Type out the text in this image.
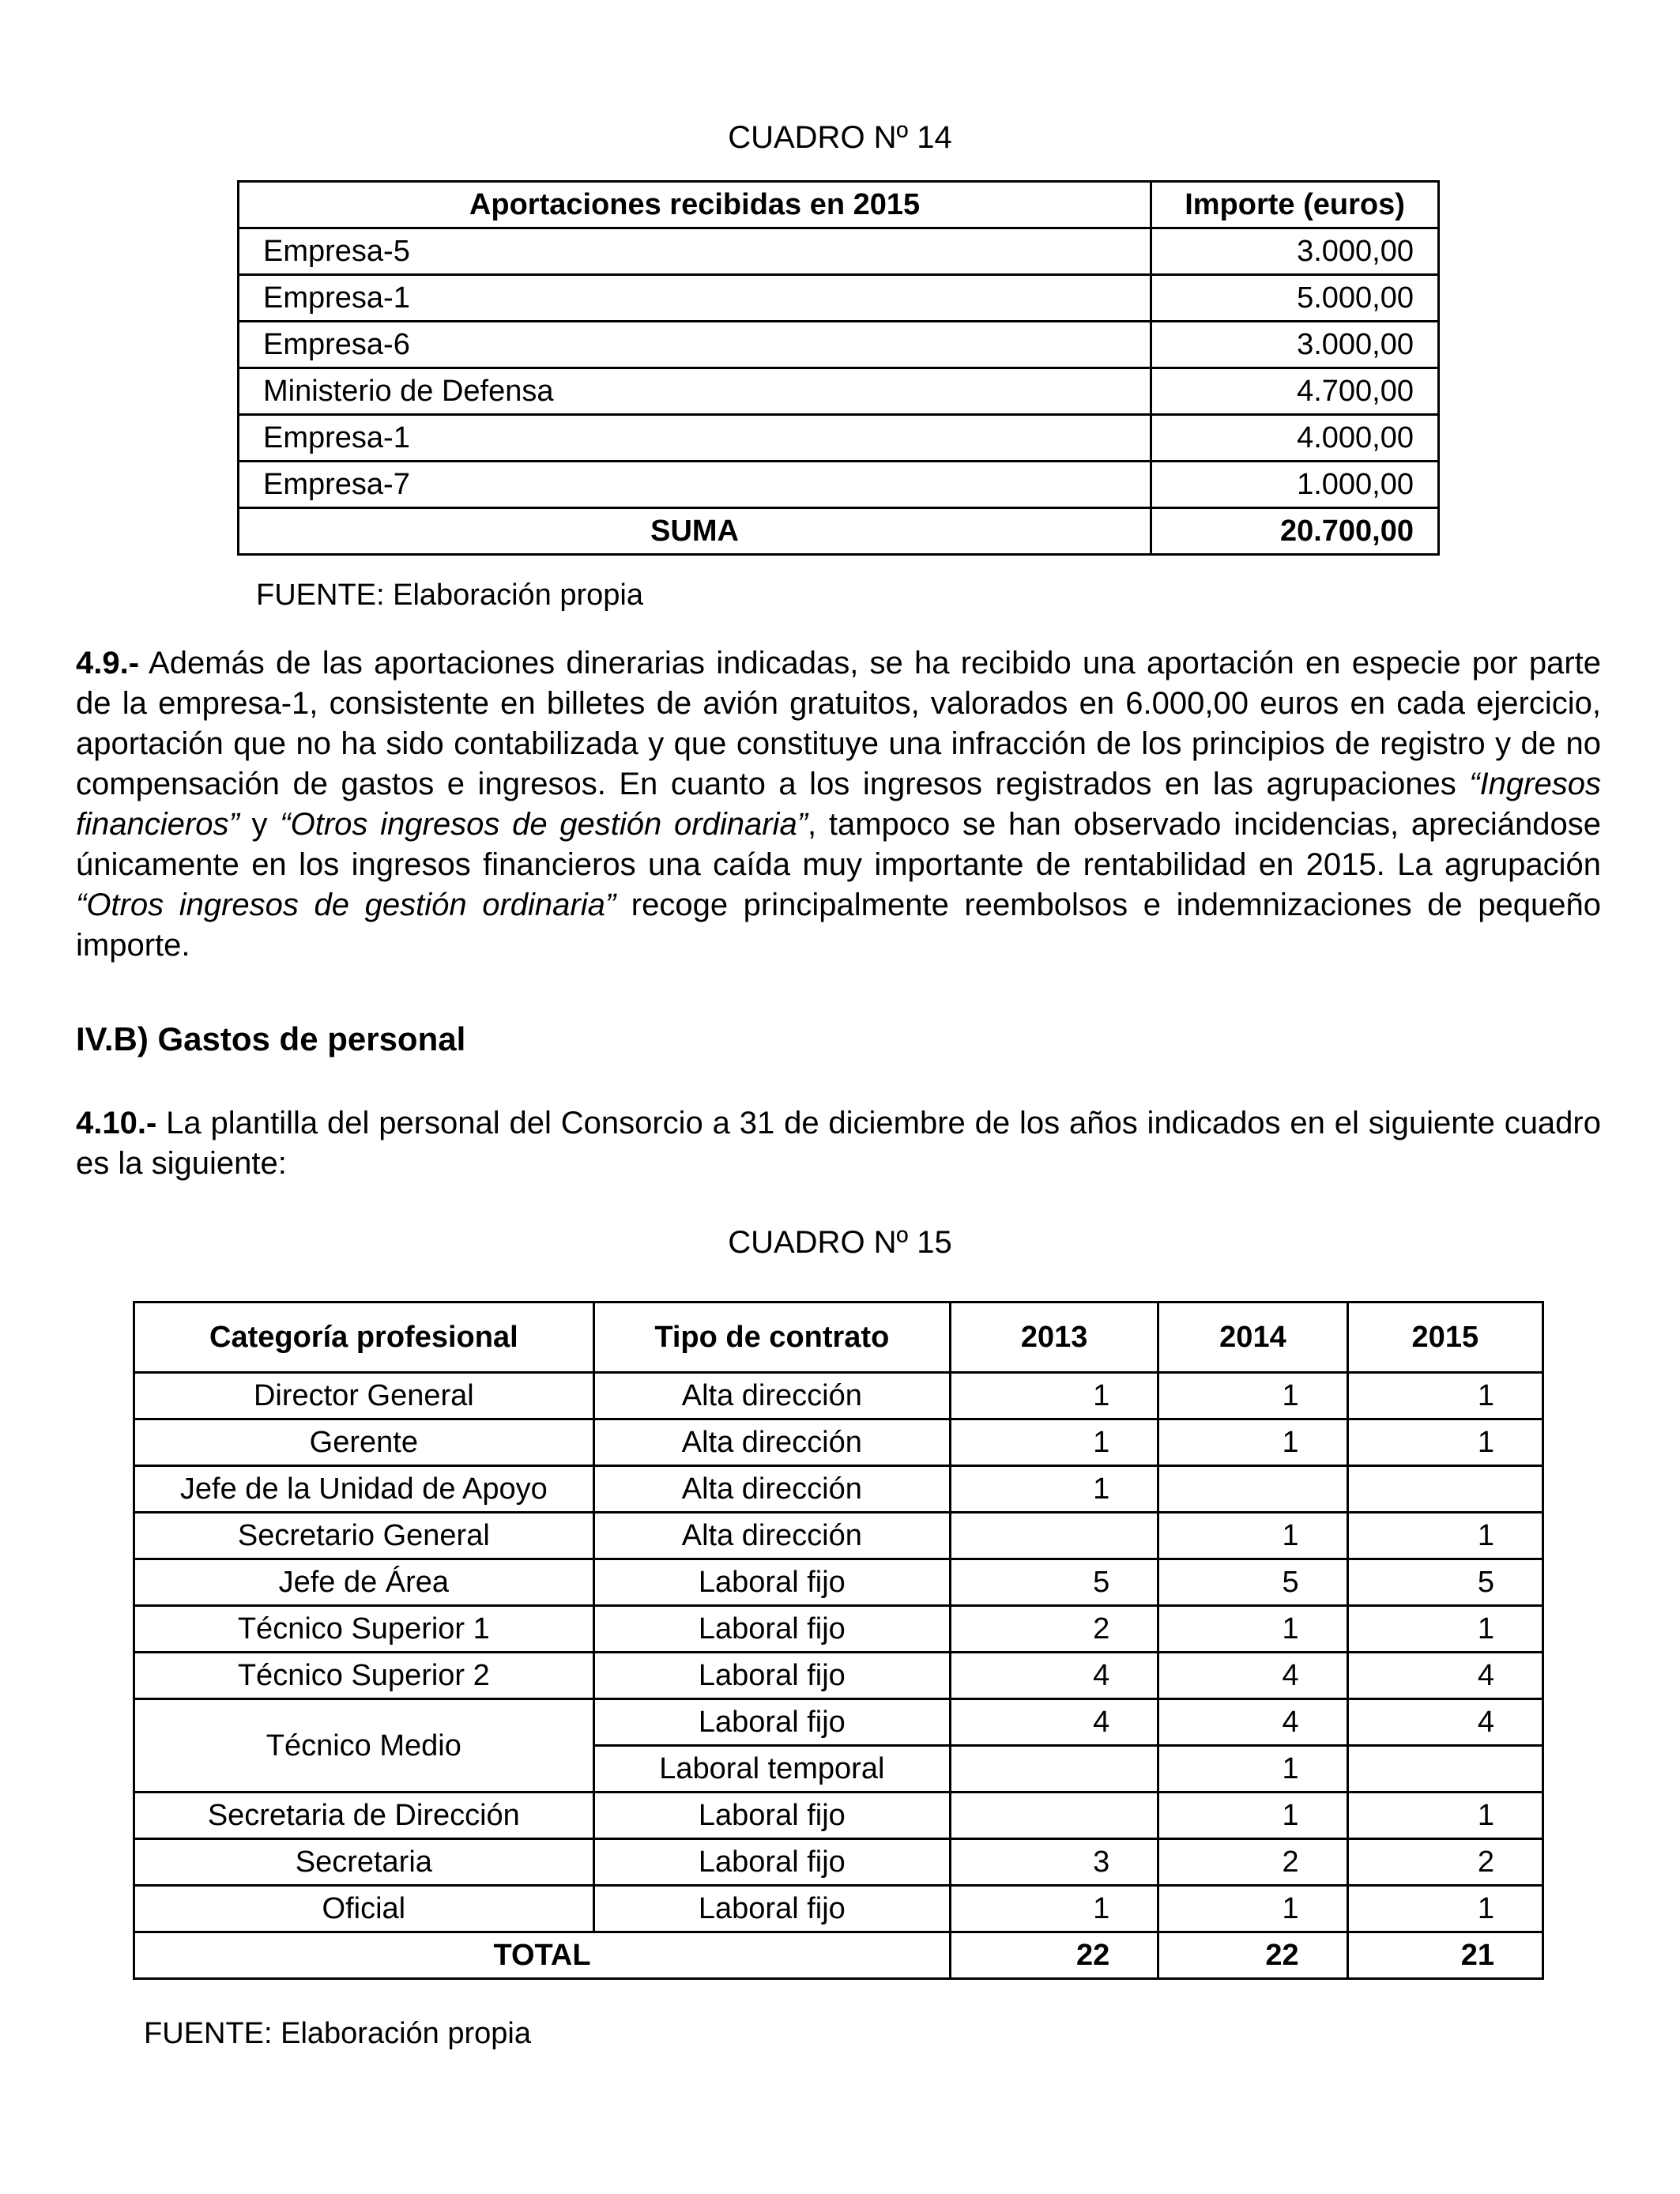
CUADRO Nº 14
Aportaciones recibidas en 2015	Importe (euros)
Empresa-5	3.000,00
Empresa-1	5.000,00
Empresa-6	3.000,00
Ministerio de Defensa	4.700,00
Empresa-1	4.000,00
Empresa-7	1.000,00
SUMA	20.700,00
FUENTE: Elaboración propia
4.9.- Además de las aportaciones dinerarias indicadas, se ha recibido una aportación en especie por parte de la empresa-1, consistente en billetes de avión gratuitos, valorados en 6.000,00 euros en cada ejercicio, aportación que no ha sido contabilizada y que constituye una infracción de los principios de registro y de no compensación de gastos e ingresos. En cuanto a los ingresos registrados en las agrupaciones “Ingresos financieros” y “Otros ingresos de gestión ordinaria”, tampoco se han observado incidencias, apreciándose únicamente en los ingresos financieros una caída muy importante de rentabilidad en 2015. La agrupación “Otros ingresos de gestión ordinaria” recoge principalmente reembolsos e indemnizaciones de pequeño importe.
IV.B) Gastos de personal
4.10.- La plantilla del personal del Consorcio a 31 de diciembre de los años indicados en el siguiente cuadro es la siguiente:
CUADRO Nº 15
Categoría profesional	Tipo de contrato	2013	2014	2015
Director General	Alta dirección	1	1	1
Gerente	Alta dirección	1	1	1
Jefe de la Unidad de Apoyo	Alta dirección	1		
Secretario General	Alta dirección		1	1
Jefe de Área	Laboral fijo	5	5	5
Técnico Superior 1	Laboral fijo	2	1	1
Técnico Superior 2	Laboral fijo	4	4	4
Técnico Medio	Laboral fijo	4	4	4
	Laboral temporal		1	
Secretaria de Dirección	Laboral fijo		1	1
Secretaria	Laboral fijo	3	2	2
Oficial	Laboral fijo	1	1	1
TOTAL		22	22	21
FUENTE: Elaboración propia
